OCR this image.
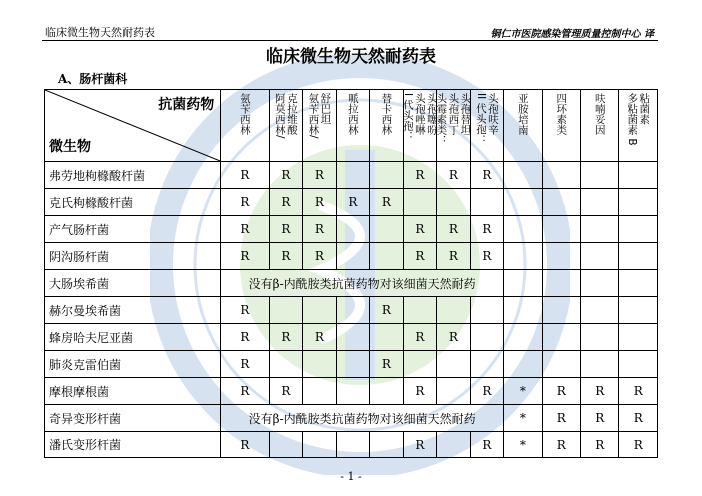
临床微生物天然耐药表	铜仁市医院感染管理质量控制中心 译
临床微生物天然耐药表
A、肠杆菌科
抗菌药物
微生物	氨苄西林	阿莫西林/ 克拉维酸	氨苄西林/ 舒巴坦	哌拉西林	替卡西林	I 代头孢： 头孢唑啉 头孢噻吩	头霉素类： 头孢西丁 头孢替坦	II 代头孢： 头孢呋辛	亚胺培南	四环素类	呋喃妥因	多粘菌素 B 粘菌素

弗劳地枸橼酸杆菌	R	R	R			R	R	R				
克氏枸橼酸杆菌	R	R	R	R	R							
产气肠杆菌	R	R	R			R	R	R				
阴沟肠杆菌	R	R	R			R	R	R				
大肠埃希菌	没有β-内酰胺类抗菌药物对该细菌天然耐药											
赫尔曼埃希菌	R				R							
蜂房哈夫尼亚菌	R	R	R			R	R					
肺炎克雷伯菌	R				R							
摩根摩根菌	R	R				R		R	*	R	R	R
奇异变形杆菌	没有β-内酰胺类抗菌药物对该细菌天然耐药								*	R	R	R
潘氏变形杆菌	R					R		R	*	R	R	R
- 1 -
